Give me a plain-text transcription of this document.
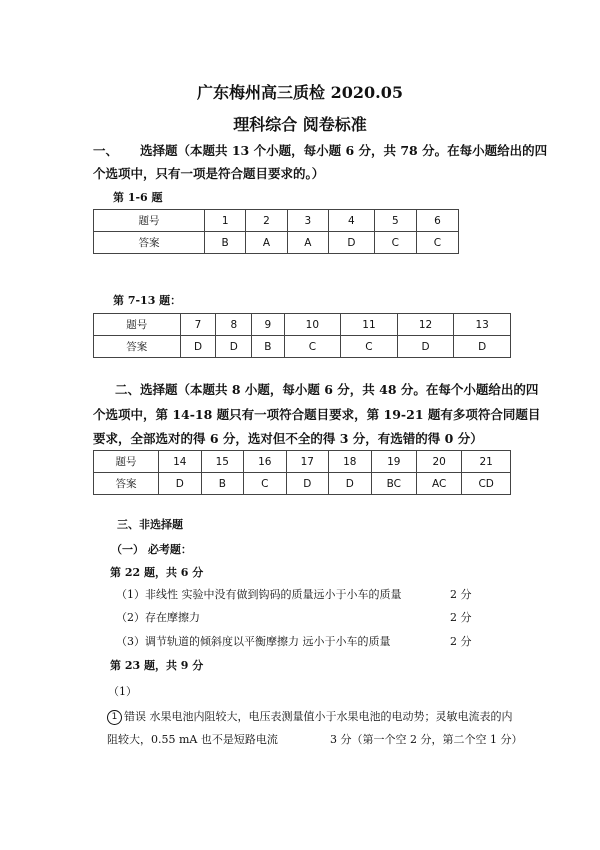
广东梅州高三质检 2020.05
理科综合 阅卷标准
一、 选择题（本题共 13 个小题，每小题 6 分，共 78 分。在每小题给出的四
个选项中，只有一项是符合题目要求的。）
第 1-6 题
题号	1	2	3	4	5	6
答案	B	A	A	D	C	C
第 7-13 题：
题号	7	8	9	10	11	12	13
答案	D	D	B	C	C	D	D
二、选择题（本题共 8 小题，每小题 6 分，共 48 分。在每个小题给出的四
个选项中，第 14-18 题只有一项符合题目要求，第 19-21 题有多项符合同题目
要求，全部选对的得 6 分，选对但不全的得 3 分，有选错的得 0 分）
题号	14	15	16	17	18	19	20	21
答案	D	B	C	D	D	BC	AC	CD
三、非选择题
（一） 必考题：
第 22 题，共 6 分
（1）非线性 实验中没有做到钩码的质量远小于小车的质量	2 分
（2）存在摩擦力	2 分
（3）调节轨道的倾斜度以平衡摩擦力 远小于小车的质量	2 分
第 23 题，共 9 分
（1）
1 错误 水果电池内阻较大，电压表测量值小于水果电池的电动势；灵敏电流表的内
阻较大，0.55 mA 也不是短路电流	3 分（第一个空 2 分，第二个空 1 分）
